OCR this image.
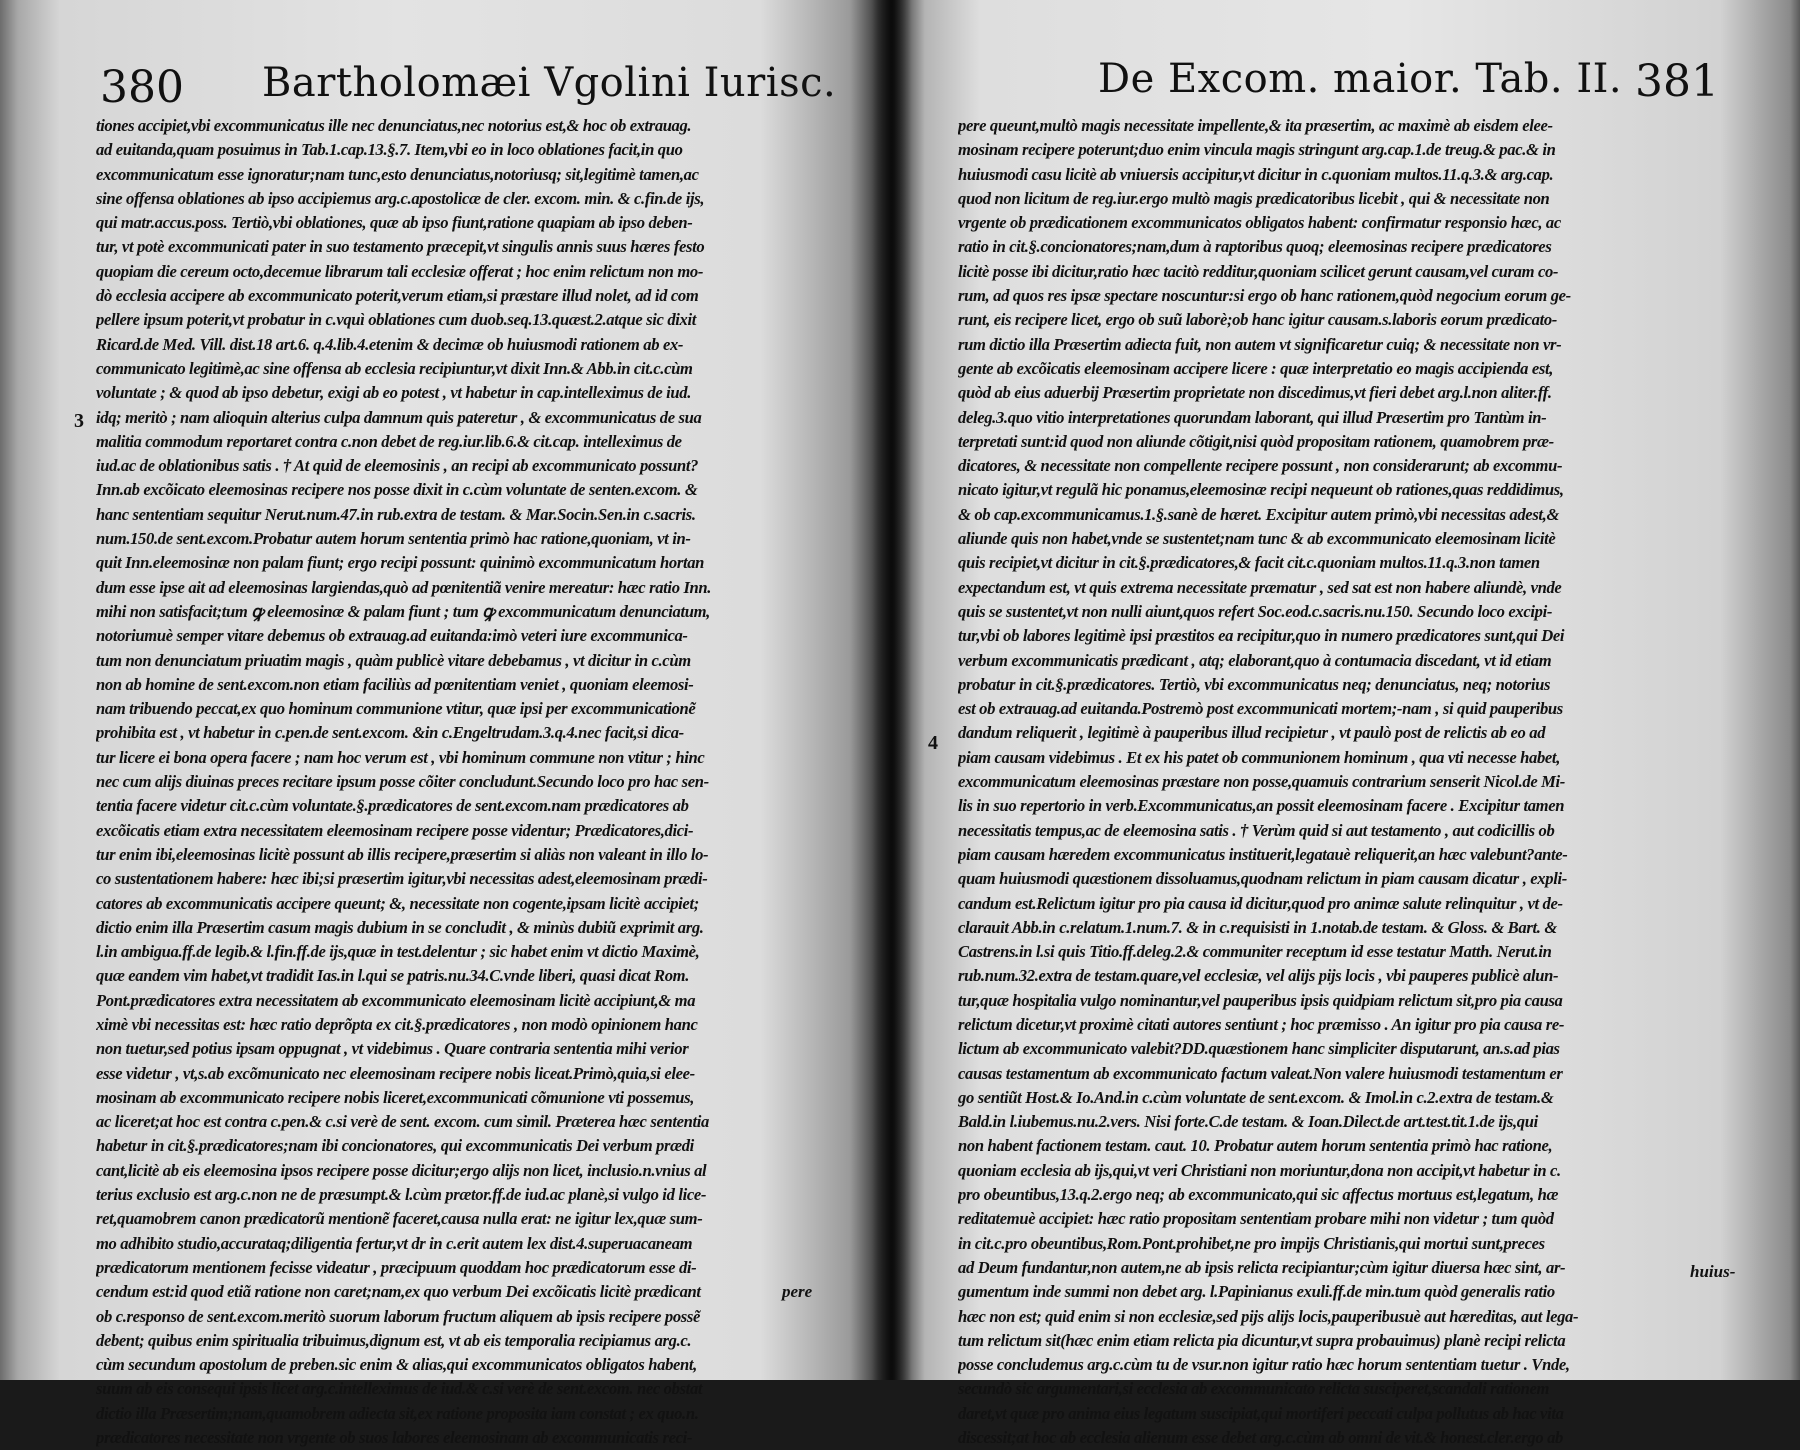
380 Bartholomæi Vgolini Iurisc.
3
tiones accipiet,vbi excommunicatus ille nec denunciatus,nec notorius est,& hoc ob extrauag.
ad euitanda,quam posuimus in Tab.1.cap.13.§.7. Item,vbi eo in loco oblationes facit,in quo
excommunicatum esse ignoratur;nam tunc,esto denunciatus,notoriusq; sit,legitimè tamen,ac
sine offensa oblationes ab ipso accipiemus arg.c.apostolicæ de cler. excom. min. & c.fin.de ijs,
qui matr.accus.poss. Tertiò,vbi oblationes, quæ ab ipso fiunt,ratione quapiam ab ipso deben-
tur, vt potè excommunicati pater in suo testamento præcepit,vt singulis annis suus hæres festo
quopiam die cereum octo,decemue librarum tali ecclesiæ offerat ; hoc enim relictum non mo-
dò ecclesia accipere ab excommunicato poterit,verum etiam,si præstare illud nolet, ad id com
pellere ipsum poterit,vt probatur in c.vquì oblationes cum duob.seq.13.quæst.2.atque sic dixit
Ricard.de Med. Vill. dist.18 art.6. q.4.lib.4.etenim & decimæ ob huiusmodi rationem ab ex-
communicato legitimè,ac sine offensa ab ecclesia recipiuntur,vt dixit Inn.& Abb.in cit.c.cùm
voluntate ; & quod ab ipso debetur, exigi ab eo potest , vt habetur in cap.intelleximus de iud.
idq; meritò ; nam alioquin alterius culpa damnum quis pateretur , & excommunicatus de sua
malitia commodum reportaret contra c.non debet de reg.iur.lib.6.& cit.cap. intelleximus de
iud.ac de oblationibus satis . † At quid de eleemosinis , an recipi ab excommunicato possunt?
Inn.ab excõicato eleemosinas recipere nos posse dixit in c.cùm voluntate de senten.excom. &
hanc sententiam sequitur Nerut.num.47.in rub.extra de testam. & Mar.Socin.Sen.in c.sacris.
num.150.de sent.excom.Probatur autem horum sententia primò hac ratione,quoniam, vt in-
quit Inn.eleemosinæ non palam fiunt; ergo recipi possunt: quinimò excommunicatum hortan
dum esse ipse ait ad eleemosinas largiendas,quò ad pœnitentiã venire mereatur: hæc ratio Inn.
mihi non satisfacit;tum ꝙ eleemosinæ & palam fiunt ; tum ꝙ excommunicatum denunciatum,
notoriumuè semper vitare debemus ob extrauag.ad euitanda:imò veteri iure excommunica-
tum non denunciatum priuatim magis , quàm publicè vitare debebamus , vt dicitur in c.cùm
non ab homine de sent.excom.non etiam faciliùs ad pœnitentiam veniet , quoniam eleemosi-
nam tribuendo peccat,ex quo hominum communione vtitur, quæ ipsi per excommunicationẽ
prohibita est , vt habetur in c.pen.de sent.excom. &in c.Engeltrudam.3.q.4.nec facit,si dica-
tur licere ei bona opera facere ; nam hoc verum est , vbi hominum commune non vtitur ; hinc
nec cum alijs diuinas preces recitare ipsum posse cõiter concludunt.Secundo loco pro hac sen-
tentia facere videtur cit.c.cùm voluntate.§.prædicatores de sent.excom.nam prædicatores ab
excõicatis etiam extra necessitatem eleemosinam recipere posse videntur; Prædicatores,dici-
tur enim ibi,eleemosinas licitè possunt ab illis recipere,præsertim si aliàs non valeant in illo lo-
co sustentationem habere: hæc ibi;si præsertim igitur,vbi necessitas adest,eleemosinam prædi-
catores ab excommunicatis accipere queunt; &, necessitate non cogente,ipsam licitè accipiet;
dictio enim illa Præsertim casum magis dubium in se concludit , & minùs dubiũ exprimit arg.
l.in ambigua.ff.de legib.& l.fin.ff.de ijs,quæ in test.delentur ; sic habet enim vt dictio Maximè,
quæ eandem vim habet,vt tradidit Ias.in l.qui se patris.nu.34.C.vnde liberi, quasi dicat Rom.
Pont.prædicatores extra necessitatem ab excommunicato eleemosinam licitè accipiunt,& ma
ximè vbi necessitas est: hæc ratio deprõpta ex cit.§.prædicatores , non modò opinionem hanc
non tuetur,sed potius ipsam oppugnat , vt videbimus . Quare contraria sententia mihi verior
esse videtur , vt,s.ab excõmunicato nec eleemosinam recipere nobis liceat.Primò,quia,si elee-
mosinam ab excommunicato recipere nobis liceret,excommunicati cõmunione vti possemus,
ac liceret;at hoc est contra c.pen.& c.si verè de sent. excom. cum simil. Præterea hæc sententia
habetur in cit.§.prædicatores;nam ibi concionatores, qui excommunicatis Dei verbum prædi
cant,licitè ab eis eleemosina ipsos recipere posse dicitur;ergo alijs non licet, inclusio.n.vnius al
terius exclusio est arg.c.non ne de præsumpt.& l.cùm prætor.ff.de iud.ac planè,si vulgo id lice-
ret,quamobrem canon prædicatorũ mentionẽ faceret,causa nulla erat: ne igitur lex,quæ sum-
mo adhibito studio,accurataq;diligentia fertur,vt dr in c.erit autem lex dist.4.superuacaneam
prædicatorum mentionem fecisse videatur , præcipuum quoddam hoc prædicatorum esse di-
cendum est:id quod etiã ratione non caret;nam,ex quo verbum Dei excõicatis licitè prædicant
ob c.responso de sent.excom.meritò suorum laborum fructum aliquem ab ipsis recipere possẽ
debent; quibus enim spiritualia tribuimus,dignum est, vt ab eis temporalia recipiamus arg.c.
cùm secundum apostolum de preben.sic enim & alias,qui excommunicatos obligatos habent,
suum ab eis consequi ipsis licet arg.c.intelleximus de iud.& c.si verè de sent.excom. nec obstat
dictio illa Præsertim;nam,quamobrem adiecta sit,ex ratione proposita iam constat ; ex quo.n.
prædicatores necessitate non vrgente ob suos labores eleemosinam ab excommunicatis reci-
pere
De Excom. maior. Tab. II. 381
4
pere queunt,multò magis necessitate impellente,& ita præsertim, ac maximè ab eisdem elee-
mosinam recipere poterunt;duo enim vincula magis stringunt arg.cap.1.de treug.& pac.& in
huiusmodi casu licitè ab vniuersis accipitur,vt dicitur in c.quoniam multos.11.q.3.& arg.cap.
quod non licitum de reg.iur.ergo multò magis prædicatoribus licebit , qui & necessitate non
vrgente ob prædicationem excommunicatos obligatos habent: confirmatur responsio hæc, ac
ratio in cit.§.concionatores;nam,dum à raptoribus quoq; eleemosinas recipere prædicatores
licitè posse ibi dicitur,ratio hæc tacitò redditur,quoniam scilicet gerunt causam,vel curam co-
rum, ad quos res ipsæ spectare noscuntur:si ergo ob hanc rationem,quòd negocium eorum ge-
runt, eis recipere licet, ergo ob suũ laborè;ob hanc igitur causam.s.laboris eorum prædicato-
rum dictio illa Præsertim adiecta fuit, non autem vt significaretur cuiq; & necessitate non vr-
gente ab excõicatis eleemosinam accipere licere : quæ interpretatio eo magis accipienda est,
quòd ab eius aduerbij Præsertim proprietate non discedimus,vt fieri debet arg.l.non aliter.ff.
deleg.3.quo vitio interpretationes quorundam laborant, qui illud Præsertim pro Tantùm in-
terpretati sunt:id quod non aliunde cõtigit,nisi quòd propositam rationem, quamobrem præ-
dicatores, & necessitate non compellente recipere possunt , non considerarunt; ab excommu-
nicato igitur,vt regulã hic ponamus,eleemosinæ recipi nequeunt ob rationes,quas reddidimus,
& ob cap.excommunicamus.1.§.sanè de hæret. Excipitur autem primò,vbi necessitas adest,&
aliunde quis non habet,vnde se sustentet;nam tunc & ab excommunicato eleemosinam licitè
quis recipiet,vt dicitur in cit.§.prædicatores,& facit cit.c.quoniam multos.11.q.3.non tamen
expectandum est, vt quis extrema necessitate præmatur , sed sat est non habere aliundè, vnde
quis se sustentet,vt non nulli aiunt,quos refert Soc.eod.c.sacris.nu.150. Secundo loco excipi-
tur,vbi ob labores legitimè ipsi præstitos ea recipitur,quo in numero prædicatores sunt,qui Dei
verbum excommunicatis prædicant , atq; elaborant,quo à contumacia discedant, vt id etiam
probatur in cit.§.prædicatores. Tertiò, vbi excommunicatus neq; denunciatus, neq; notorius
est ob extrauag.ad euitanda.Postremò post excommunicati mortem;-nam , si quid pauperibus
dandum reliquerit , legitimè à pauperibus illud recipietur , vt paulò post de relictis ab eo ad
piam causam videbimus . Et ex his patet ob communionem hominum , qua vti necesse habet,
excommunicatum eleemosinas præstare non posse,quamuis contrarium senserit Nicol.de Mi-
lis in suo repertorio in verb.Excommunicatus,an possit eleemosinam facere . Excipitur tamen
necessitatis tempus,ac de eleemosina satis . † Verùm quid si aut testamento , aut codicillis ob
piam causam hæredem excommunicatus instituerit,legatauè reliquerit,an hæc valebunt?ante-
quam huiusmodi quæstionem dissoluamus,quodnam relictum in piam causam dicatur , expli-
candum est.Relictum igitur pro pia causa id dicitur,quod pro animæ salute relinquitur , vt de-
clarauit Abb.in c.relatum.1.num.7. & in c.requisisti in 1.notab.de testam. & Gloss. & Bart. &
Castrens.in l.si quis Titio.ff.deleg.2.& communiter receptum id esse testatur Matth. Nerut.in
rub.num.32.extra de testam.quare,vel ecclesiæ, vel alijs pijs locis , vbi pauperes publicè alun-
tur,quæ hospitalia vulgo nominantur,vel pauperibus ipsis quidpiam relictum sit,pro pia causa
relictum dicetur,vt proximè citati autores sentiunt ; hoc præmisso . An igitur pro pia causa re-
lictum ab excommunicato valebit?DD.quæstionem hanc simpliciter disputarunt, an.s.ad pias
causas testamentum ab excommunicato factum valeat.Non valere huiusmodi testamentum er
go sentiũt Host.& Io.And.in c.cùm voluntate de sent.excom. & Imol.in c.2.extra de testam.&
Bald.in l.iubemus.nu.2.vers. Nisi forte.C.de testam. & Ioan.Dilect.de art.test.tit.1.de ijs,qui
non habent factionem testam. caut. 10. Probatur autem horum sententia primò hac ratione,
quoniam ecclesia ab ijs,qui,vt veri Christiani non moriuntur,dona non accipit,vt habetur in c.
pro obeuntibus,13.q.2.ergo neq; ab excommunicato,qui sic affectus mortuus est,legatum, hæ
reditatemuè accipiet: hæc ratio propositam sententiam probare mihi non videtur ; tum quòd
in cit.c.pro obeuntibus,Rom.Pont.prohibet,ne pro impijs Christianis,qui mortui sunt,preces
ad Deum fundantur,non autem,ne ab ipsis relicta recipiantur;cùm igitur diuersa hæc sint, ar-
gumentum inde summi non debet arg. l.Papinianus exuli.ff.de min.tum quòd generalis ratio
hæc non est; quid enim si non ecclesiæ,sed pijs alijs locis,pauperibusuè aut hæreditas, aut lega-
tum relictum sit(hæc enim etiam relicta pia dicuntur,vt supra probauimus) planè recipi relicta
posse concludemus arg.c.cùm tu de vsur.non igitur ratio hæc horum sententiam tuetur . Vnde,
secundò sic argumentari,si ecclesia ab excommunicato relicta susciperet,scandali rationem
daret,vt quæ pro anima eius legatum suscipiat,qui mortiferi peccati culpa pollutus ab hac vita
discessit;at hoc ab ecclesia alienum esse debet arg.c.cùm ab omni de vit.& honest.cler.ergo ab
huius-
